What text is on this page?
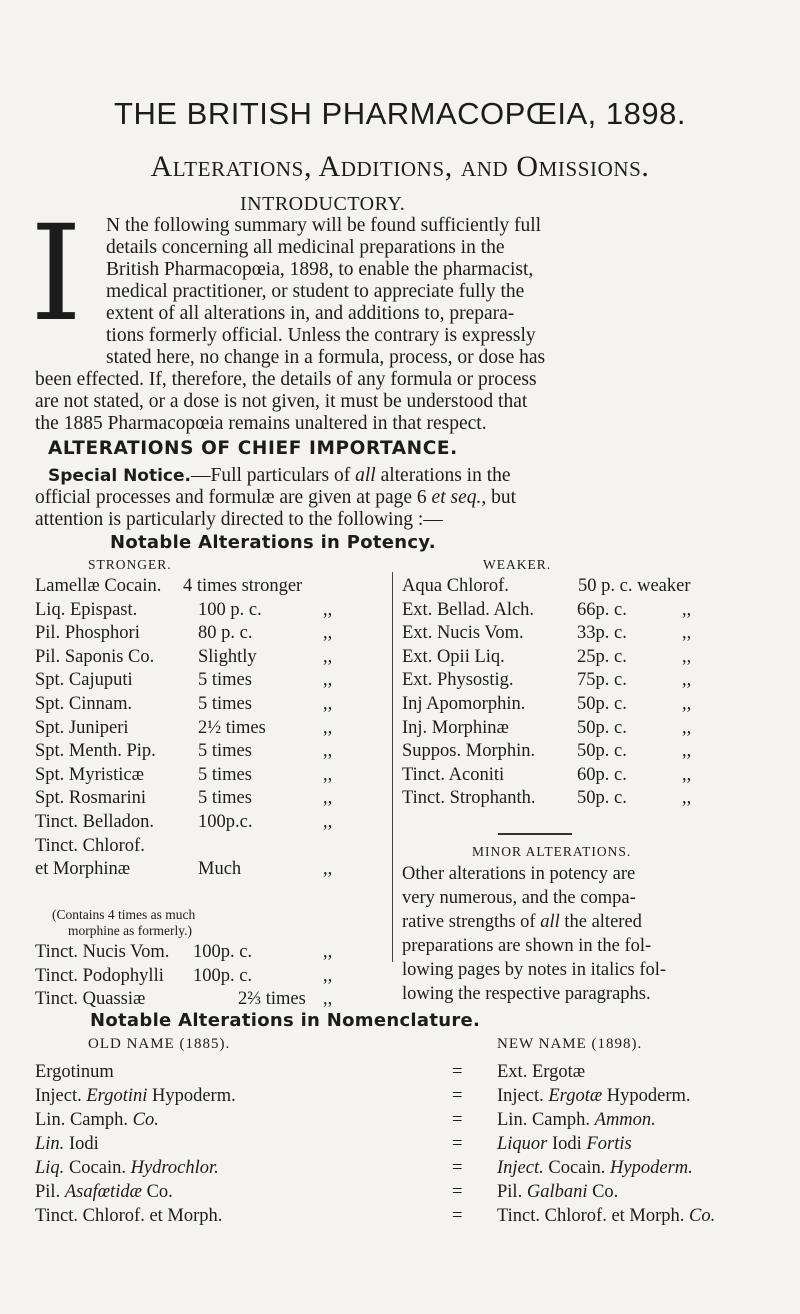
THE BRITISH PHARMACOPŒIA, 1898.
Alterations, Additions, and Omissions.
INTRODUCTORY.
I N the following summary will be found sufficiently full
details concerning all medicinal preparations in the
British Pharmacopœia, 1898, to enable the pharmacist,
medical practitioner, or student to appreciate fully the
extent of all alterations in, and additions to, prepara-
tions formerly official. Unless the contrary is expressly
stated here, no change in a formula, process, or dose has
been effected. If, therefore, the details of any formula or process
are not stated, or a dose is not given, it must be understood that
the 1885 Pharmacopœia remains unaltered in that respect.
ALTERATIONS OF CHIEF IMPORTANCE.
Special Notice.—Full particulars of all alterations in the
official processes and formulæ are given at page 6 et seq., but
attention is particularly directed to the following :—
Notable Alterations in Potency.
STRONGER.	WEAKER.
Lamellæ Cocain. 4 times stronger
Liq. Epispast.	100 p. c.	,,
Pil. Phosphori	80 p. c.	,,
Pil. Saponis Co. Slightly	,,
Spt. Cajuputi	5 times	,,
Spt. Cinnam.	5 times	,,
Spt. Juniperi	2½ times	,,
Spt. Menth. Pip. 5 times	,,
Spt. Myristicæ	5 times	,,
Spt. Rosmarini	5 times	,,
Tinct. Belladon. 100p.c.	,,
Tinct. Chlorof.
et Morphinæ	Much	,,
Tinct. Nucis Vom. 100p. c.	,,
Tinct. Podophylli 100p. c.	,,
Tinct. Quassiæ	2⅔ times ,,
Aqua Chlorof.	50 p. c. weaker
Ext. Bellad. Alch. 66p. c.	,,
Ext. Nucis Vom.	33p. c.	,,
Ext. Opii Liq.	25p. c.	,,
Ext. Physostig.	75p. c.	,,
Inj Apomorphin.	50p. c.	,,
Inj. Morphinæ	50p. c.	,,
Suppos. Morphin. 50p. c.	,,
Tinct. Aconiti	60p. c.	,,
Tinct. Strophanth. 50p. c.	,,
(Contains 4 times as much
morphine as formerly.)
MINOR ALTERATIONS.
Other alterations in potency are
very numerous, and the compa-
rative strengths of all the altered
preparations are shown in the fol-
lowing pages by notes in italics fol-
lowing the respective paragraphs.
Notable Alterations in Nomenclature.
OLD NAME (1885).	NEW NAME (1898).
Ergotinum	= Ext. Ergotæ
Inject. Ergotini Hypoderm.	= Inject. Ergotæ Hypoderm.
Lin. Camph. Co.	= Lin. Camph. Ammon.
Lin. Iodi	= Liquor Iodi Fortis
Liq. Cocain. Hydrochlor.	= Inject. Cocain. Hypoderm.
Pil. Asafœtidæ Co.	= Pil. Galbani Co.
Tinct. Chlorof. et Morph.	= Tinct. Chlorof. et Morph. Co.
